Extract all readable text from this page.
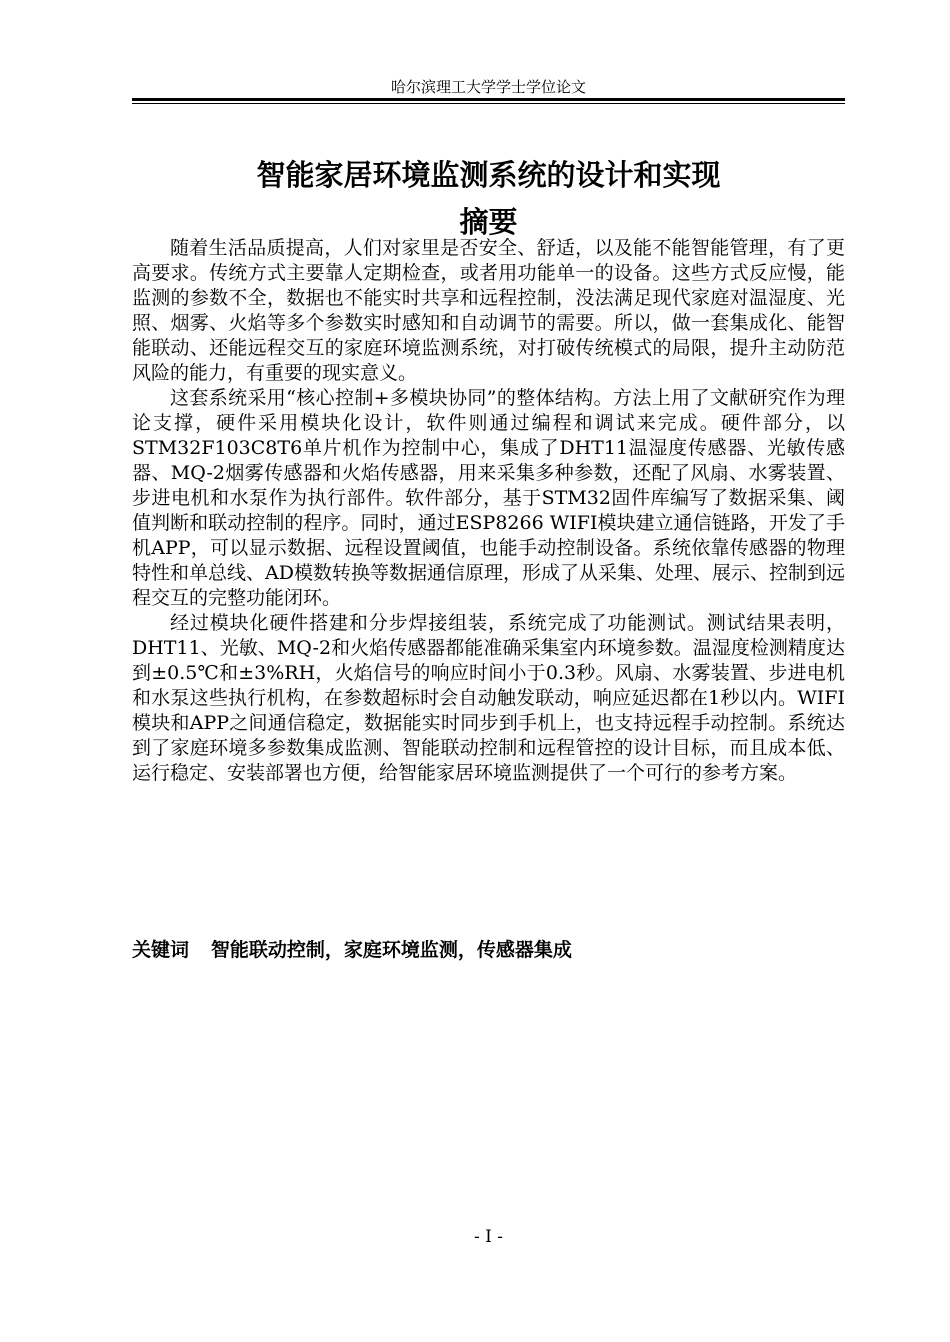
哈尔滨理工大学学士学位论文
智能家居环境监测系统的设计和实现
摘要

随着生活品质提高，人们对家里是否安全、舒适，以及能不能智能管理，有了更高要求。传统方式主要靠人定期检查，或者用功能单一的设备。这些方式反应慢，能监测的参数不全，数据也不能实时共享和远程控制，没法满足现代家庭对温湿度、光照、烟雾、火焰等多个参数实时感知和自动调节的需要。所以，做一套集成化、能智能联动、还能远程交互的家庭环境监测系统，对打破传统模式的局限，提升主动防范风险的能力，有重要的现实意义。

这套系统采用“核心控制+多模块协同”的整体结构。方法上用了文献研究作为理论支撑，硬件采用模块化设计，软件则通过编程和调试来完成。硬件部分，以STM32F103C8T6单片机作为控制中心，集成了DHT11温湿度传感器、光敏传感器、MQ-2烟雾传感器和火焰传感器，用来采集多种参数，还配了风扇、水雾装置、步进电机和水泵作为执行部件。软件部分，基于STM32固件库编写了数据采集、阈值判断和联动控制的程序。同时，通过ESP8266 WIFI模块建立通信链路，开发了手机APP，可以显示数据、远程设置阈值，也能手动控制设备。系统依靠传感器的物理特性和单总线、AD模数转换等数据通信原理，形成了从采集、处理、展示、控制到远程交互的完整功能闭环。

经过模块化硬件搭建和分步焊接组装，系统完成了功能测试。测试结果表明，DHT11、光敏、MQ-2和火焰传感器都能准确采集室内环境参数。温湿度检测精度达到±0.5℃和±3%RH，火焰信号的响应时间小于0.3秒。风扇、水雾装置、步进电机和水泵这些执行机构，在参数超标时会自动触发联动，响应延迟都在1秒以内。WIFI模块和APP之间通信稳定，数据能实时同步到手机上，也支持远程手动控制。系统达到了家庭环境多参数集成监测、智能联动控制和远程管控的设计目标，而且成本低、运行稳定、安装部署也方便，给智能家居环境监测提供了一个可行的参考方案。

关键词 智能联动控制，家庭环境监测，传感器集成
- I -
